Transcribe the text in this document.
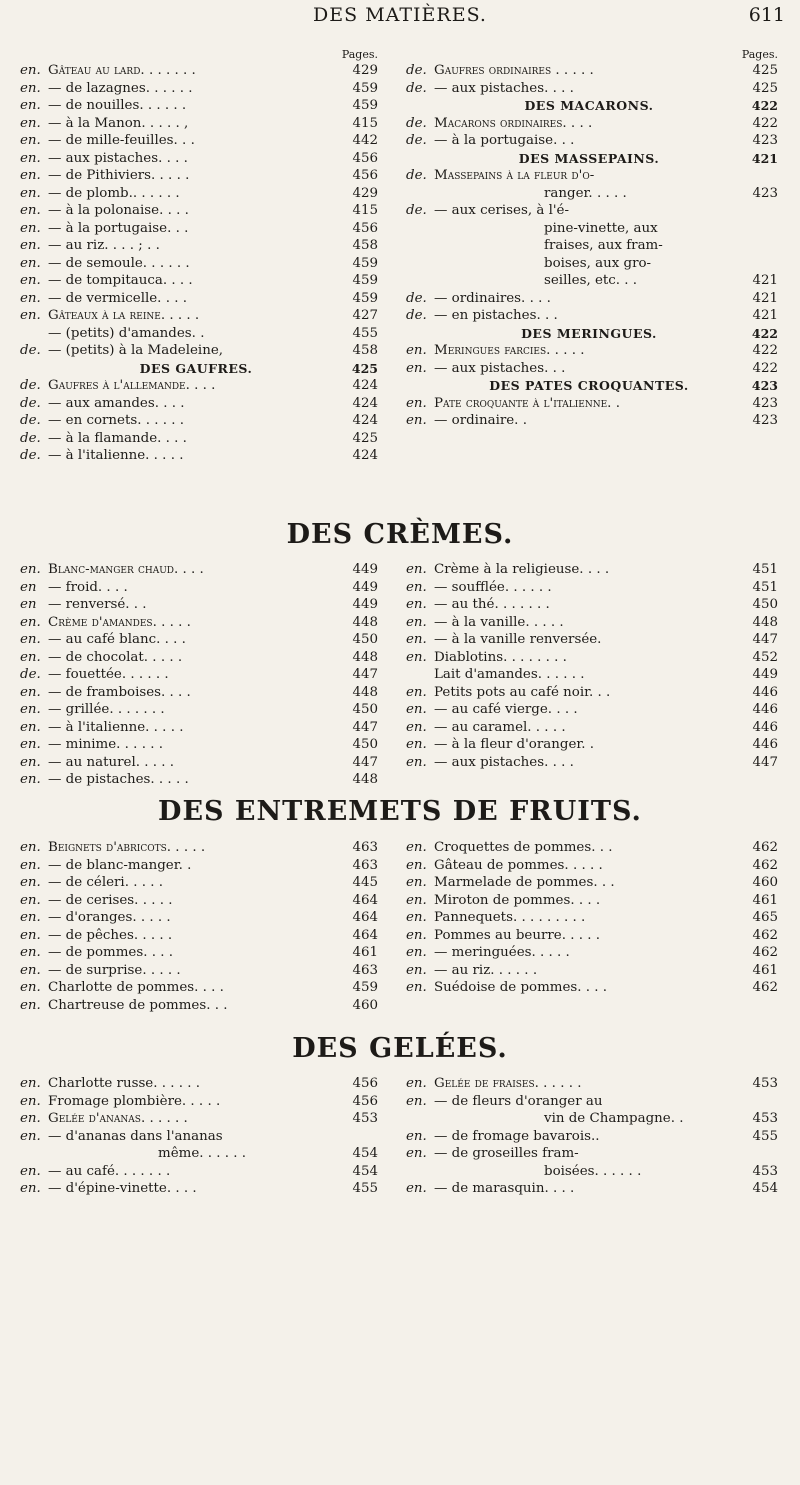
DES MATIÈRES.	611
Pages.
en. Gâteau au lard. . . . . . .	429
en. — de lazagnes. . . . . .	459
en. — de nouilles. . . . . .	459
en. — à la Manon. . . . . ,	415
en. — de mille-feuilles. . .	442
en. — aux pistaches. . . .	456
en. — de Pithiviers. . . . .	456
en. — de plomb.. . . . . .	429
en. — à la polonaise. . . .	415
en. — à la portugaise. . .	456
en. — au riz. . . . ; . .	458
en. — de semoule. . . . . .	459
en. — de tompitauca. . . .	459
en. — de vermicelle. . . .	459
en. Gâteaux à la reine. . . . .	427
— (petits) d'amandes. .	455
de. — (petits) à la Madeleine,	458
DES GAUFRES.	425
de. Gaufres à l'allemande. . . .	424
de. — aux amandes. . . .	424
de. — en cornets. . . . . .	424
de. — à la flamande. . . .	425
de. — à l'italienne. . . . .	424
Pages.
de. Gaufres ordinaires . . . . .	425
de. — aux pistaches. . . .	425
DES MACARONS.	422
de. Macarons ordinaires. . . .	422
de. — à la portugaise. . .	423
DES MASSEPAINS.	421
de. Massepains à la fleur d'o-
ranger. . . . .	423
de. — aux cerises, à l'é-
pine-vinette, aux
fraises, aux fram-
boises, aux gro-
seilles, etc. . .	421
de. — ordinaires. . . .	421
de. — en pistaches. . .	421
DES MERINGUES.	422
en. Meringues farcies. . . . .	422
en. — aux pistaches. . .	422
DES PATES CROQUANTES.	423
en. Pate croquante à l'italienne. .	423
en. — ordinaire. .	423
DES CRÈMES.
en. Blanc-manger chaud. . . .	449
en — froid. . . .	449
en — renversé. . .	449
en. Crème d'amandes. . . . .	448
en. — au café blanc. . . .	450
en. — de chocolat. . . . .	448
de. — fouettée. . . . . .	447
en. — de framboises. . . .	448
en. — grillée. . . . . . .	450
en. — à l'italienne. . . . .	447
en. — minime. . . . . .	450
en. — au naturel. . . . .	447
en. — de pistaches. . . . .	448
en. Crème à la religieuse. . . .	451
en. — soufflée. . . . . .	451
en. — au thé. . . . . . .	450
en. — à la vanille. . . . .	448
en. — à la vanille renversée.	447
en. Diablotins. . . . . . . .	452
Lait d'amandes. . . . . .	449
en. Petits pots au café noir. . .	446
en. — au café vierge. . . .	446
en. — au caramel. . . . .	446
en. — à la fleur d'oranger. .	446
en. — aux pistaches. . . .	447
DES ENTREMETS DE FRUITS.
en. Beignets d'abricots. . . . .	463
en. — de blanc-manger. .	463
en. — de céleri. . . . .	445
en. — de cerises. . . . .	464
en. — d'oranges. . . . .	464
en. — de pêches. . . . .	464
en. — de pommes. . . .	461
en. — de surprise. . . . .	463
en. Charlotte de pommes. . . .	459
en. Chartreuse de pommes. . .	460
en. Croquettes de pommes. . .	462
en. Gâteau de pommes. . . . .	462
en. Marmelade de pommes. . .	460
en. Miroton de pommes. . . .	461
en. Pannequets. . . . . . . . .	465
en. Pommes au beurre. . . . .	462
en. — meringuées. . . . .	462
en. — au riz. . . . . .	461
en. Suédoise de pommes. . . .	462
DES GELÉES.
en. Charlotte russe. . . . . .	456
en. Fromage plombière. . . . .	456
en. Gelée d'ananas. . . . . .	453
en. — d'ananas dans l'ananas
même. . . . . .	454
en. — au café. . . . . . .	454
en. — d'épine-vinette. . . .	455
en. Gelée de fraises. . . . . .	453
en. — de fleurs d'oranger au
vin de Champagne. .	453
en. — de fromage bavarois..	455
en. — de groseilles fram-
boisées. . . . . .	453
en. — de marasquin. . . .	454
